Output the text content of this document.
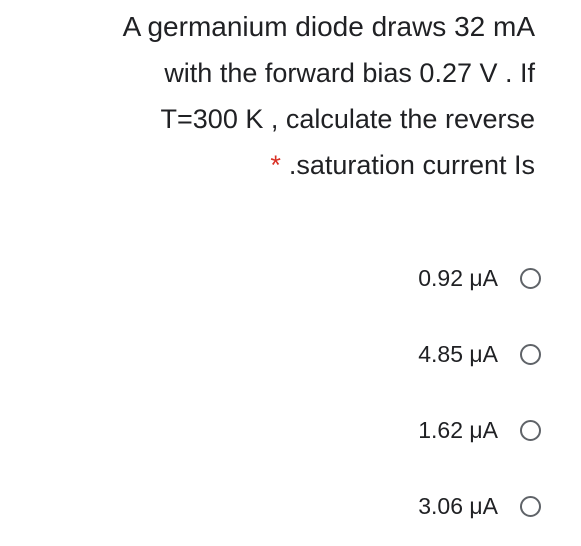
A germanium diode draws 32 mA
with the forward bias 0.27 V . If
T=300 K , calculate the reverse
* .saturation current Is
0.92 μA
4.85 μA
1.62 μA
3.06 μA
